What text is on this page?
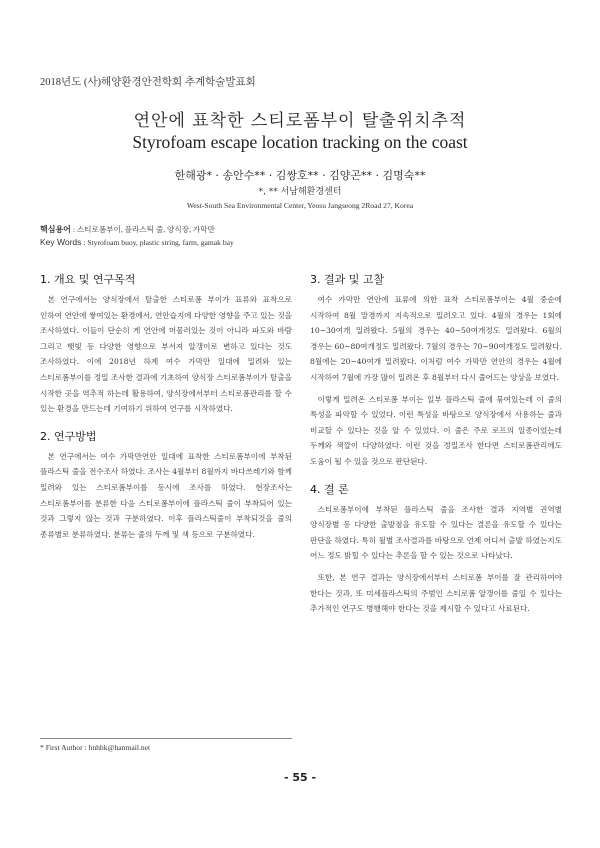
2018년도 (사)해양환경안전학회 추계학술발표회
연안에 표착한 스티로폼부이 탈출위치추적
Styrofoam escape location tracking on the coast
한해광* · 송안수** · 김쌍호** · 김양곤** · 김명숙**
*, ** 서남해환경센터
West-South Sea Environmental Center, Yeosu Jangseong 2Road 27, Korea
핵심용어 : 스티로폼부이, 플라스틱 줄, 양식장, 가막만
Key Words : Styrofoam buoy, plastic string, farm, gamak bay
1. 개요 및 연구목적

본 연구에서는 양식장에서 탈출한 스티로폼 부이가 표류와 표착으로 인하여 연안에 쌓여있는 환경에서, 연안습지에 다양한 영향을 주고 있는 것을 조사하였다. 이들이 단순히 게 연안에 머물러있는 것이 아니라 파도와 바람 그리고 햇빛 등 다양한 영향으로 부서져 알갱이로 변하고 있다는 것도 조사하였다. 이에 2018년 하계 여수 가막만 일대에 밀려와 있는 스티로폼부이를 정밀 조사한 결과에 기초하여 양식장 스티로폼부이가 탈출을 시작한 곳을 역추적 하는데 활용하여, 양식장에서부터 스티로폼관리를 할 수 있는 환경을 만드는데 기여하기 위하여 연구를 시작하였다.

2. 연구방법

본 연구에서는 여수 가막만연안 일대에 표착한 스티로폼부이에 부착된 플라스틱 줄을 전수조사 하였다. 조사는 4월부터 8월까지 바다쓰레기와 함께 밀려와 있는 스티로폼부이를 동시에 조사를 하였다. 현장조사는 스티로폼부이를 분류한 다음 스티로폼부이에 플라스틱 줄이 부착되어 있는 것과 그렇지 않는 것과 구분하였다. 이후 플라스틱줄이 부착되것을 줄의 종류별로 분류하였다. 분류는 줄의 두께 및 색 등으로 구분하였다.

3. 결과 및 고찰

여수 가막만 연안에 표류에 의한 표착 스티로폼부이는 4월 중순에 시작하여 8월 말경까지 지속적으로 밀려오고 있다. 4월의 경우는 1회에 10~30여개 밀려왔다. 5월의 경우는 40~50여개정도 밀려왔다. 6월의 경우는 60~80여개정도 밀려왔다. 7월의 경우는 70~90여개정도 밀려왔다. 8월에는 20~40여개 밀려왔다. 이처럼 여수 가막만 연안의 경우는 4월에 시작하여 7월에 가장 많이 밀려온 후 8월부터 다시 줄어드는 양상을 보였다.

이렇게 밀려온 스티로폼 부이는 일부 플라스틱 줄에 묶여있는데 이 줄의 특성을 파악할 수 있었다. 이런 특성을 바탕으로 양식장에서 사용하는 줄과 비교할 수 있다는 것을 알 수 있었다. 이 줄은 주로 로프의 일종이었는데 두께와 색깔이 다양하였다. 이런 것을 정밀조사 한다면 스티로폼관리에도 도움이 될 수 있을 것으로 판단된다.

4. 결 론

스티로폼부이에 부착된 플라스틱 줄을 조사한 결과 지역별 권역별 양식장별 등 다양한 출발점을 유도할 수 있다는 결론을 유도할 수 있다는 판단을 하였다. 특히 월별 조사결과를 바탕으로 언제 어디서 출발 하였는지도 어느 정도 밝힐 수 있다는 추론을 할 수 있는 것으로 나타났다.

또한, 본 연구 결과는 양식장에서부터 스티로폼 부이를 잘 관리하여야 한다는 것과, 또 미세플라스틱의 주범인 스티로폼 알갱이를 줄일 수 있다는 추가적인 연구도 병행해야 한다는 것을 제시할 수 있다고 사료된다.

* First Author : hnhhk@hanmail.net
- 55 -
